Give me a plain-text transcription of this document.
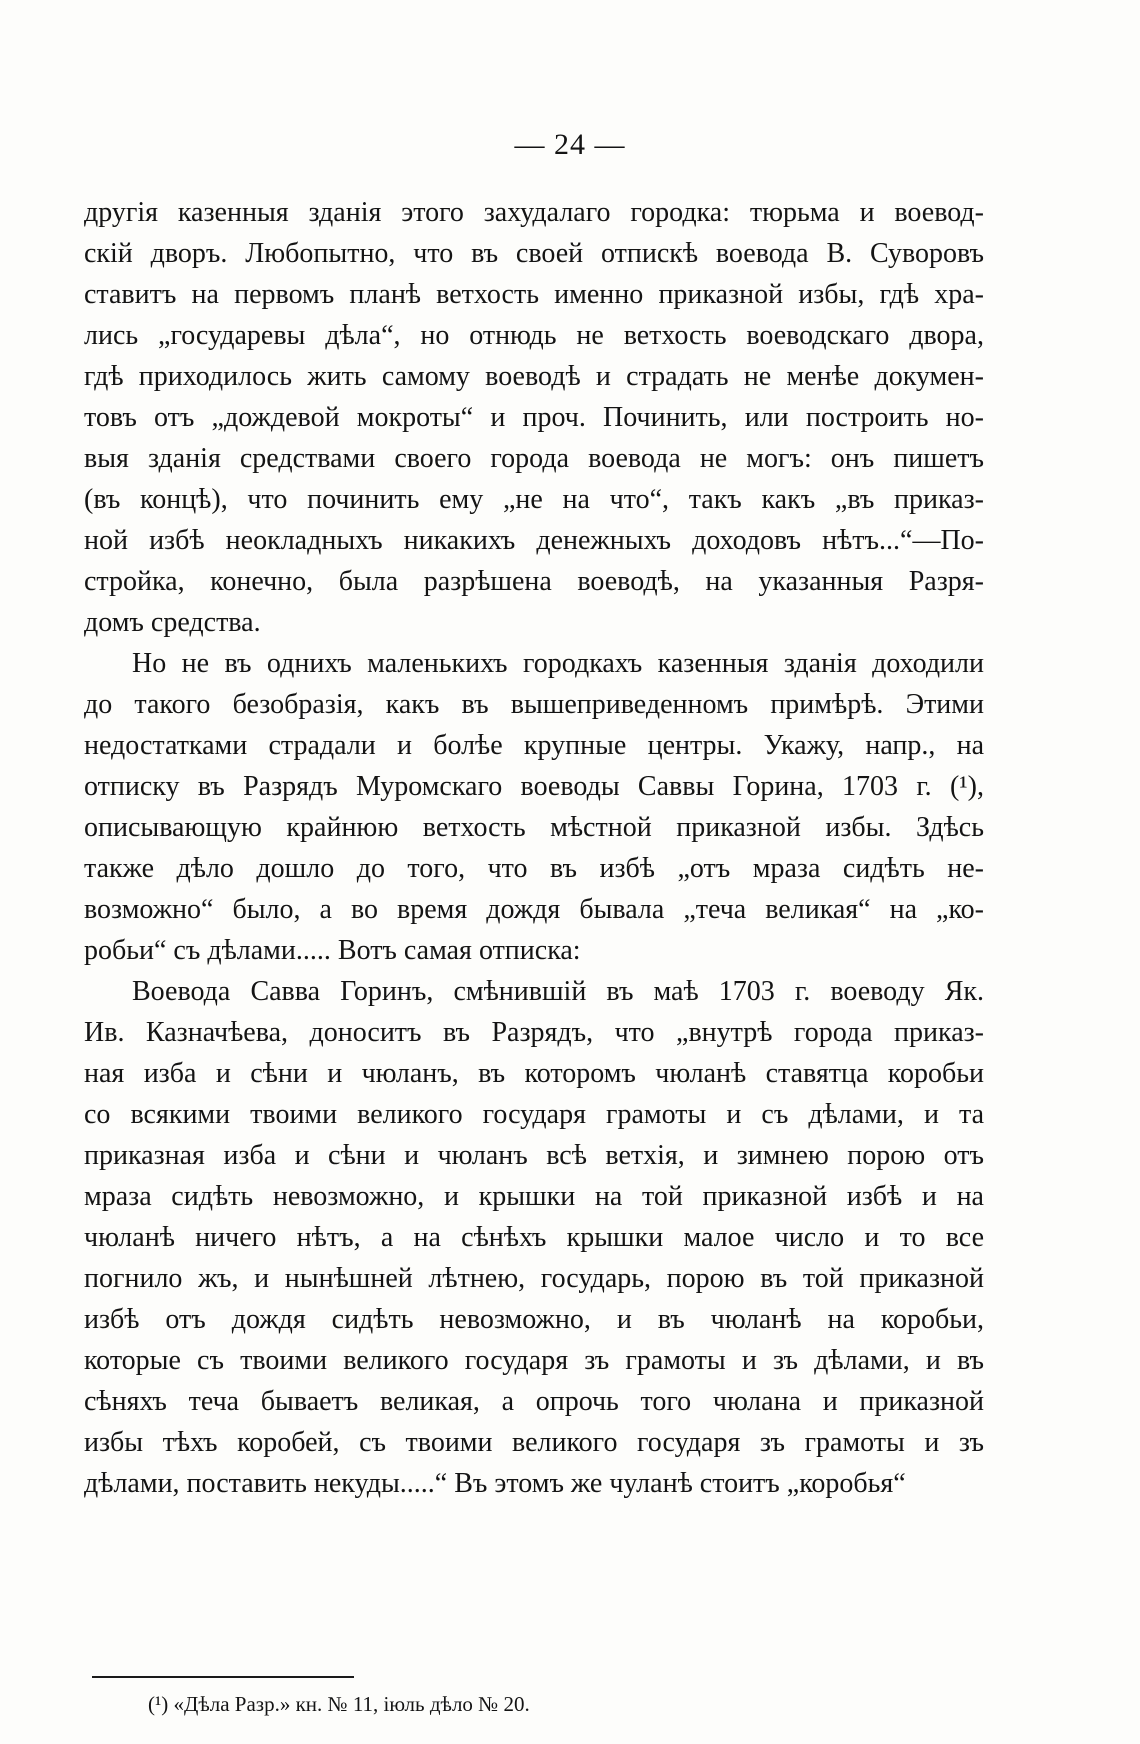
— 24 —
другія казенныя зданія этого захудалаго городка: тюрьма и воевод-
скій дворъ. Любопытно, что въ своей отпискѣ воевода В. Суворовъ
ставитъ на первомъ планѣ ветхость именно приказной избы, гдѣ хра-
лись „государевы дѣла“, но отнюдь не ветхость воеводскаго двора,
гдѣ приходилось жить самому воеводѣ и страдать не менѣе докумен-
товъ отъ „дождевой мокроты“ и проч. Починить, или построить но-
выя зданія средствами своего города воевода не могъ: онъ пишетъ
(въ концѣ), что починить ему „не на что“, такъ какъ „въ приказ-
ной избѣ неокладныхъ никакихъ денежныхъ доходовъ нѣтъ...“—По-
стройка, конечно, была разрѣшена воеводѣ, на указанныя Разря-
домъ средства.
Но не въ однихъ маленькихъ городкахъ казенныя зданія доходили
до такого безобразія, какъ въ вышеприведенномъ примѣрѣ. Этими
недостатками страдали и болѣе крупные центры. Укажу, напр., на
отписку въ Разрядъ Муромскаго воеводы Саввы Горина, 1703 г. (¹),
описывающую крайнюю ветхость мѣстной приказной избы. Здѣсь
также дѣло дошло до того, что въ избѣ „отъ мраза сидѣть не-
возможно“ было, а во время дождя бывала „теча великая“ на „ко-
робьи“ съ дѣлами..... Вотъ самая отписка:
Воевода Савва Горинъ, смѣнившій въ маѣ 1703 г. воеводу Як.
Ив. Казначѣева, доноситъ въ Разрядъ, что „внутрѣ города приказ-
ная изба и сѣни и чюланъ, въ которомъ чюланѣ ставятца коробьи
со всякими твоими великого государя грамоты и съ дѣлами, и та
приказная изба и сѣни и чюланъ всѣ ветхія, и зимнею порою отъ
мраза сидѣть невозможно, и крышки на той приказной избѣ и на
чюланѣ ничего нѣтъ, а на сѣнѣхъ крышки малое число и то все
погнило жъ, и нынѣшней лѣтнею, государь, порою въ той приказной
избѣ отъ дождя сидѣть невозможно, и въ чюланѣ на коробьи,
которые съ твоими великого государя зъ грамоты и зъ дѣлами, и въ
сѣняхъ теча бываетъ великая, а опрочь того чюлана и приказной
избы тѣхъ коробей, съ твоими великого государя зъ грамоты и зъ
дѣлами, поставить некуды.....“ Въ этомъ же чуланѣ стоитъ „коробья“
(¹) «Дѣла Разр.» кн. № 11, іюль дѣло № 20.
